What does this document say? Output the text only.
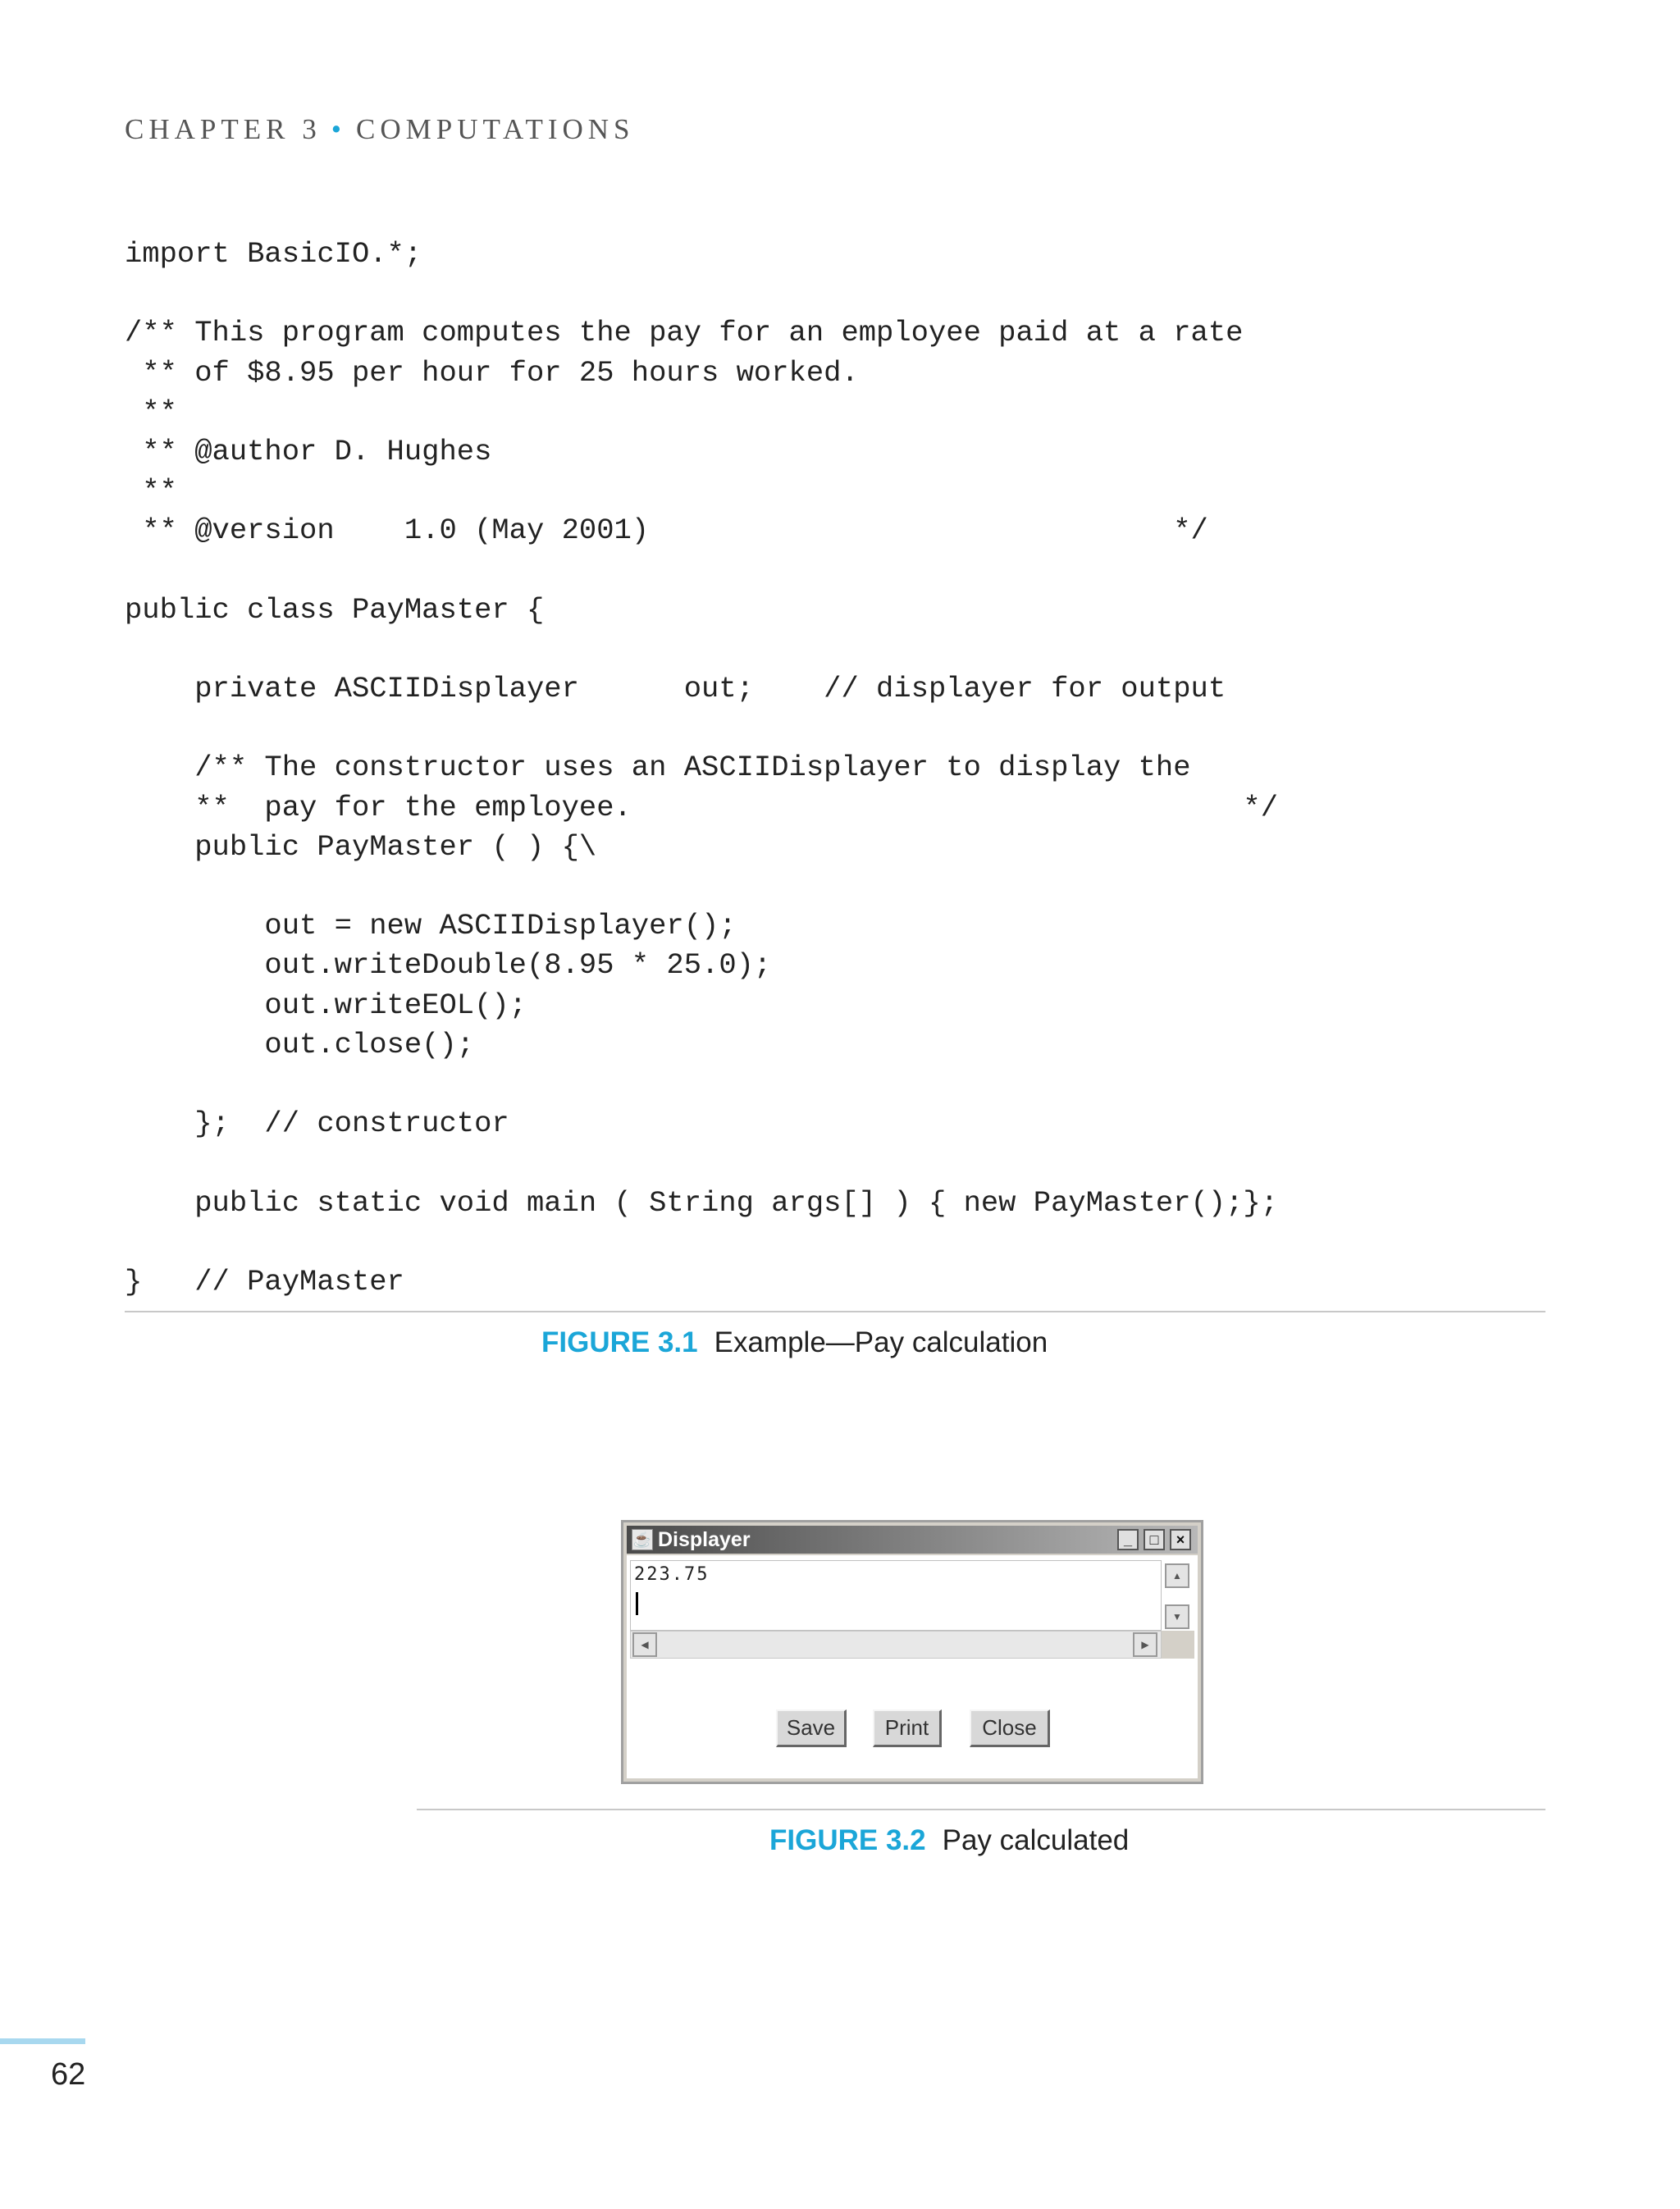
CHAPTER 3 • COMPUTATIONS
import BasicIO.*;
/** This program computes the pay for an employee paid at a rate
** of $8.95 per hour for 25 hours worked.
**
** @author D. Hughes
**
** @version    1.0 (May 2001)                              */
public class PayMaster {
private ASCIIDisplayer      out;    // displayer for output
/** The constructor uses an ASCIIDisplayer to display the
**  pay for the employee.                                   */
public PayMaster ( ) {\
out = new ASCIIDisplayer();
out.writeDouble(8.95 * 25.0);
out.writeEOL();
out.close();
};  // constructor
public static void main ( String args[] ) { new PayMaster();};
}   // PayMaster
FIGURE 3.1 Example—Pay calculation
☕ Displayer	_	□	×
223.75	▲
▼
◀	▶
Save	Print	Close
FIGURE 3.2 Pay calculated
62
